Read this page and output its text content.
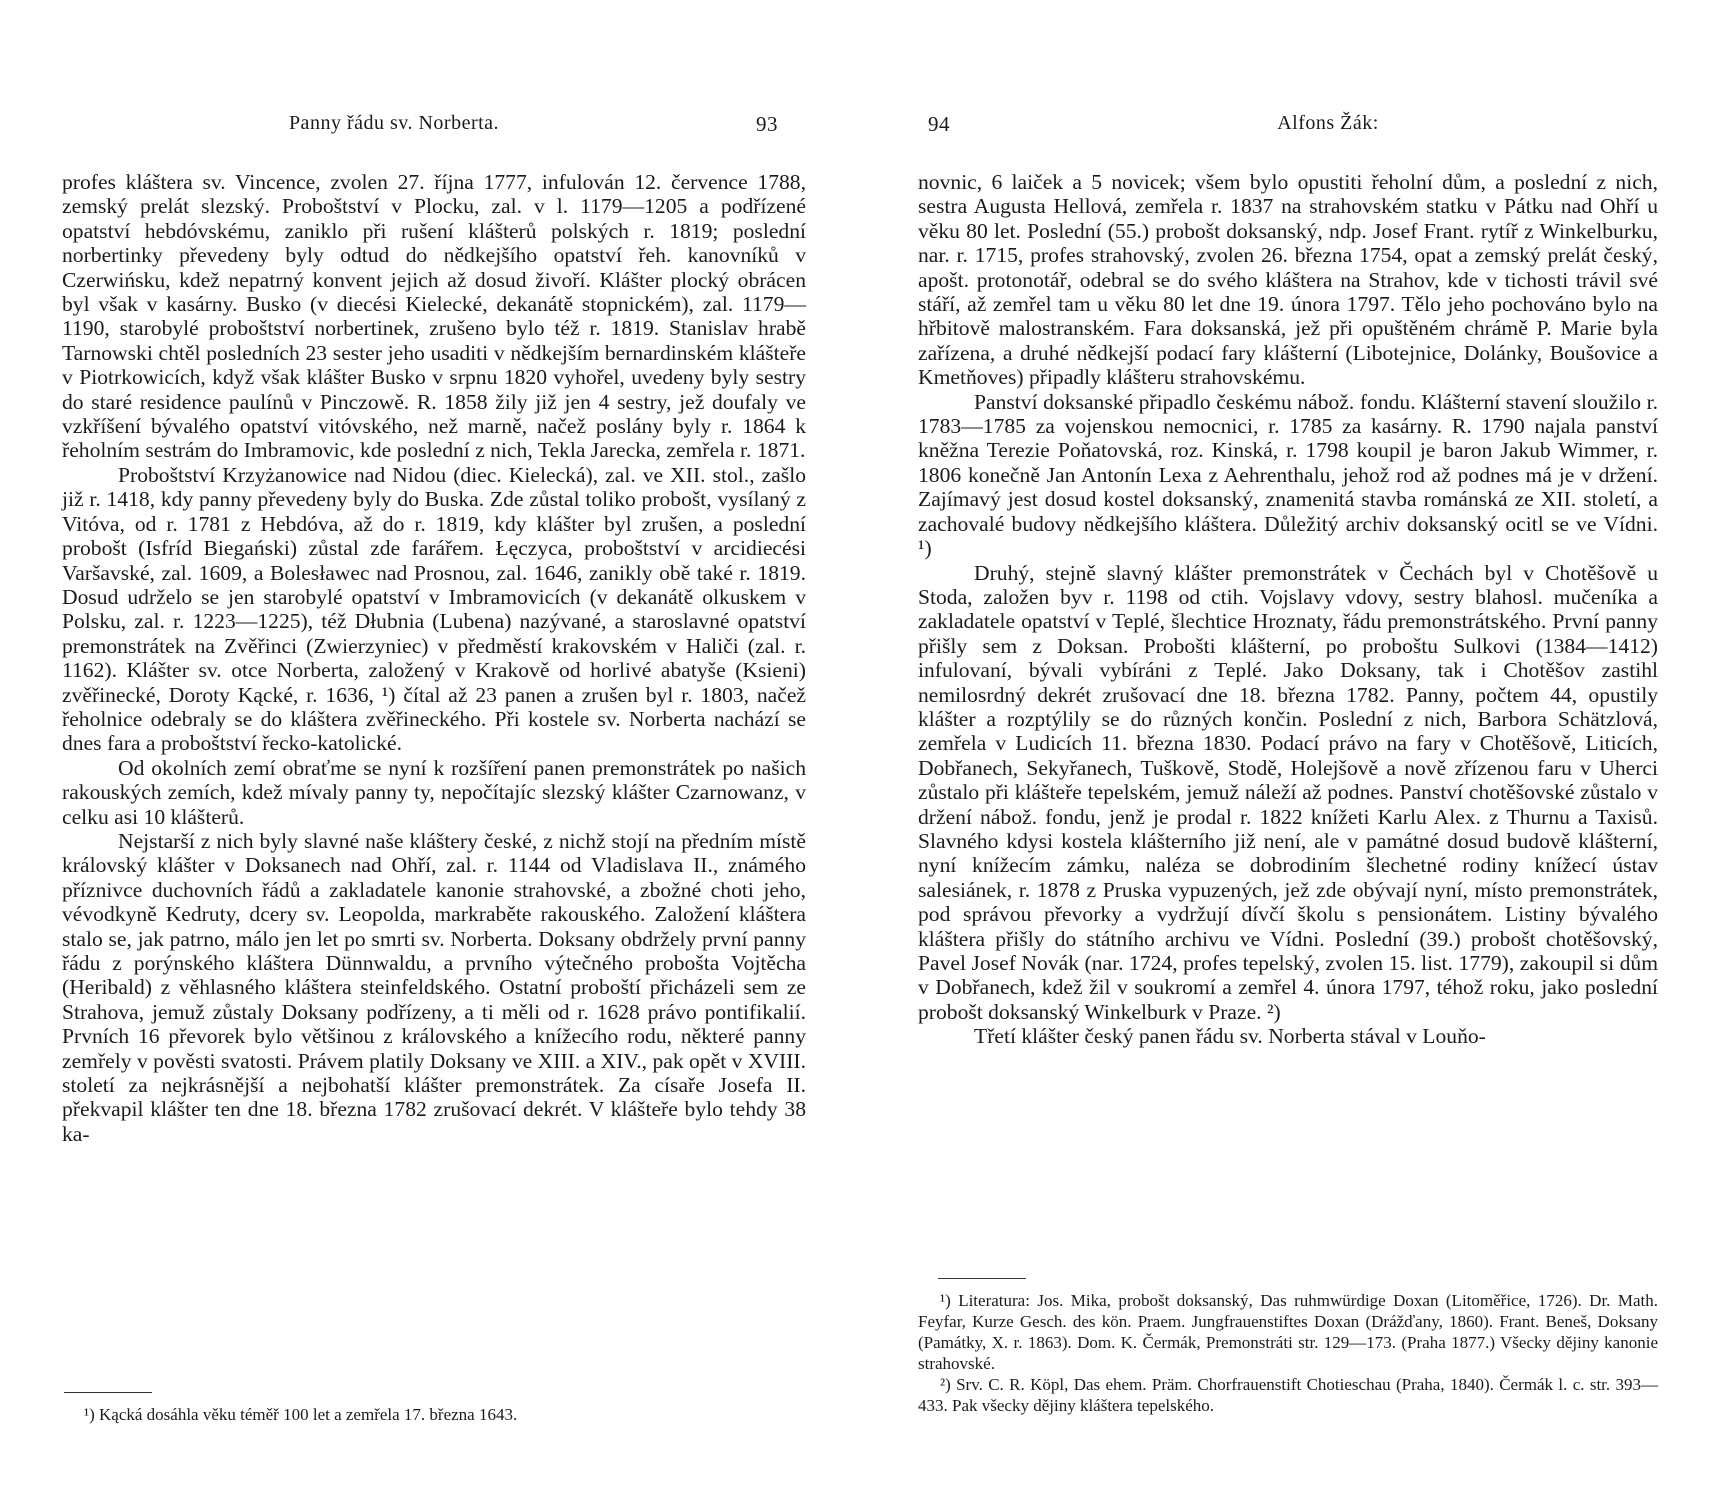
Panny řádu sv. Norberta.	93

profes kláštera sv. Vincence, zvolen 27. října 1777, infulován 12. července 1788, zemský prelát slezský. Proboštství v Plocku, zal. v l. 1179—1205 a podřízené opatství hebdóvskému, zaniklo při rušení klášterů polských r. 1819; poslední norbertinky převedeny byly odtud do nědkejšího opatství řeh. kanovníků v Czerwińsku, kdež nepatrný konvent jejich až dosud živoří. Klášter plocký obrácen byl však v kasárny. Busko (v diecési Kielecké, dekanátě stopnickém), zal. 1179—1190, starobylé proboštství norbertinek, zrušeno bylo též r. 1819. Stanislav hrabě Tarnowski chtěl posledních 23 sester jeho usaditi v nědkejším bernardinském klášteře v Piotrkowicích, když však klášter Busko v srpnu 1820 vyhořel, uvedeny byly sestry do staré residence paulínů v Pinczowě. R. 1858 žily již jen 4 sestry, jež doufaly ve vzkříšení bývalého opatství vitóvského, než marně, načež poslány byly r. 1864 k řeholním sestrám do Imbramovic, kde poslední z nich, Tekla Jarecka, zemřela r. 1871.

Proboštství Krzyżanowice nad Nidou (diec. Kielecká), zal. ve XII. stol., zašlo již r. 1418, kdy panny převedeny byly do Buska. Zde zůstal toliko probošt, vysílaný z Vitóva, od r. 1781 z Hebdóva, až do r. 1819, kdy klášter byl zrušen, a poslední probošt (Isfríd Biegański) zůstal zde farářem. Łęczyca, proboštství v arcidiecési Varšavské, zal. 1609, a Bolesławec nad Prosnou, zal. 1646, zanikly obě také r. 1819. Dosud udrželo se jen starobylé opatství v Imbramovicích (v dekanátě olkuskem v Polsku, zal. r. 1223—1225), též Dłubnia (Lubena) nazývané, a staroslavné opatství premonstrátek na Zvěřinci (Zwierzyniec) v předměstí krakovském v Haliči (zal. r. 1162). Klášter sv. otce Norberta, založený v Krakově od horlivé abatyše (Ksieni) zvěřinecké, Doroty Kącké, r. 1636, ¹) čítal až 23 panen a zrušen byl r. 1803, načež řeholnice odebraly se do kláštera zvěřineckého. Při kostele sv. Norberta nachází se dnes fara a proboštství řecko-katolické.

Od okolních zemí obraťme se nyní k rozšíření panen premonstrátek po našich rakouských zemích, kdež mívaly panny ty, nepočítajíc slezský klášter Czarnowanz, v celku asi 10 klášterů.

Nejstarší z nich byly slavné naše kláštery české, z nichž stojí na předním místě královský klášter v Doksanech nad Ohří, zal. r. 1144 od Vladislava II., známého příznivce duchovních řádů a zakladatele kanonie strahovské, a zbožné choti jeho, vévodkyně Kedruty, dcery sv. Leopolda, markraběte rakouského. Založení kláštera stalo se, jak patrno, málo jen let po smrti sv. Norberta. Doksany obdržely první panny řádu z porýnského kláštera Dünnwaldu, a prvního výtečného probošta Vojtěcha (Heribald) z věhlasného kláštera steinfeldského. Ostatní proboští přicházeli sem ze Strahova, jemuž zůstaly Doksany podřízeny, a ti měli od r. 1628 právo pontifikalií. Prvních 16 převorek bylo většinou z královského a knížecího rodu, některé panny zemřely v pověsti svatosti. Právem platily Doksany ve XIII. a XIV., pak opět v XVIII. století za nejkrásnější a nejbohatší klášter premonstrátek. Za císaře Josefa II. překvapil klášter ten dne 18. března 1782 zrušovací dekrét. V klášteře bylo tehdy 38 ka-

¹) Kącká dosáhla věku téměř 100 let a zemřela 17. března 1643.

94	Alfons Žák:

novnic, 6 laiček a 5 novicek; všem bylo opustiti řeholní dům, a poslední z nich, sestra Augusta Hellová, zemřela r. 1837 na strahovském statku v Pátku nad Ohří u věku 80 let. Poslední (55.) probošt doksanský, ndp. Josef Frant. rytíř z Winkelburku, nar. r. 1715, profes strahovský, zvolen 26. března 1754, opat a zemský prelát český, apošt. protonotář, odebral se do svého kláštera na Strahov, kde v tichosti trávil své stáří, až zemřel tam u věku 80 let dne 19. února 1797. Tělo jeho pochováno bylo na hřbitově malostranském. Fara doksanská, jež při opuštěném chrámě P. Marie byla zařízena, a druhé nědkejší podací fary klášterní (Libotejnice, Dolánky, Boušovice a Kmetňoves) připadly klášteru strahovskému.

Panství doksanské připadlo českému nábož. fondu. Klášterní stavení sloužilo r. 1783—1785 za vojenskou nemocnici, r. 1785 za kasárny. R. 1790 najala panství kněžna Terezie Poňatovská, roz. Kinská, r. 1798 koupil je baron Jakub Wimmer, r. 1806 konečně Jan Antonín Lexa z Aehrenthalu, jehož rod až podnes má je v držení. Zajímavý jest dosud kostel doksanský, znamenitá stavba románská ze XII. století, a zachovalé budovy nědkejšího kláštera. Důležitý archiv doksanský ocitl se ve Vídni. ¹)

Druhý, stejně slavný klášter premonstrátek v Čechách byl v Chotěšově u Stoda, založen byv r. 1198 od ctih. Vojslavy vdovy, sestry blahosl. mučeníka a zakladatele opatství v Teplé, šlechtice Hroznaty, řádu premonstrátského. První panny přišly sem z Doksan. Probošti klášterní, po proboštu Sulkovi (1384—1412) infulovaní, bývali vybíráni z Teplé. Jako Doksany, tak i Chotěšov zastihl nemilosrdný dekrét zrušovací dne 18. března 1782. Panny, počtem 44, opustily klášter a rozptýlily se do různých končin. Poslední z nich, Barbora Schätzlová, zemřela v Ludicích 11. března 1830. Podací právo na fary v Chotěšově, Liticích, Dobřanech, Sekyřanech, Tuškově, Stodě, Holejšově a nově zřízenou faru v Uherci zůstalo při klášteře tepelském, jemuž náleží až podnes. Panství chotěšovské zůstalo v držení nábož. fondu, jenž je prodal r. 1822 knížeti Karlu Alex. z Thurnu a Taxisů. Slavného kdysi kostela klášterního již není, ale v památné dosud budově klášterní, nyní knížecím zámku, naléza se dobrodiním šlechetné rodiny knížecí ústav salesiánek, r. 1878 z Pruska vypuzených, jež zde obývají nyní, místo premonstrátek, pod správou převorky a vydržují dívčí školu s pensionátem. Listiny bývalého kláštera přišly do státního archivu ve Vídni. Poslední (39.) probošt chotěšovský, Pavel Josef Novák (nar. 1724, profes tepelský, zvolen 15. list. 1779), zakoupil si dům v Dobřanech, kdež žil v soukromí a zemřel 4. února 1797, téhož roku, jako poslední probošt doksanský Winkelburk v Praze. ²)

Třetí klášter český panen řádu sv. Norberta stával v Louňo-

¹) Literatura: Jos. Mika, probošt doksanský, Das ruhmwürdige Doxan (Litoměřice, 1726). Dr. Math. Feyfar, Kurze Gesch. des kön. Praem. Jungfrauenstiftes Doxan (Drážďany, 1860). Frant. Beneš, Doksany (Památky, X. r. 1863). Dom. K. Čermák, Premonstráti str. 129—173. (Praha 1877.) Všecky dějiny kanonie strahovské.

²) Srv. C. R. Köpl, Das ehem. Präm. Chorfrauenstift Chotieschau (Praha, 1840). Čermák l. c. str. 393—433. Pak všecky dějiny kláštera tepelského.
